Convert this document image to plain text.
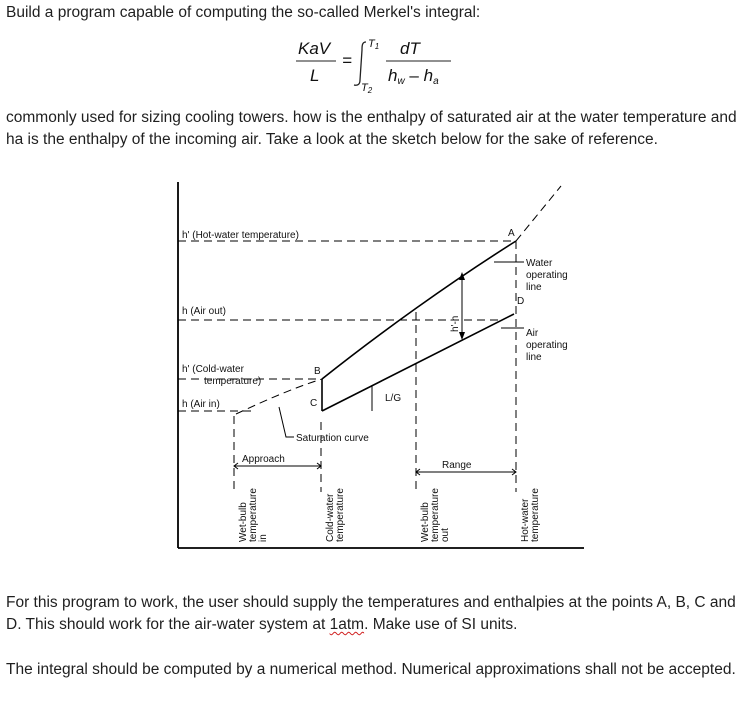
Build a program capable of computing the so-called Merkel's integral:
KaV
L
=
T1
T2
dT
hw – ha
commonly used for sizing cooling towers. how is the enthalpy of saturated air at the water temperature and ha is the enthalpy of the incoming air. Take a look at the sketch below for the sake of reference.
h' (Hot-water temperature)
h (Air out)
h' (Cold-water
temperature)
h (Air in)
A
B
C
D
Water
operating
line
Air
operating
line
h'-h
L/G
Saturation curve
Approach
Range
Wet-bulb temperature in	Cold-water temperature	Wet-bulb temperature out	Hot-water temperature
For this program to work, the user should supply the temperatures and enthalpies at the points A, B, C and D. This should work for the air-water system at 1atm. Make use of SI units.
The integral should be computed by a numerical method. Numerical approximations shall not be accepted.
